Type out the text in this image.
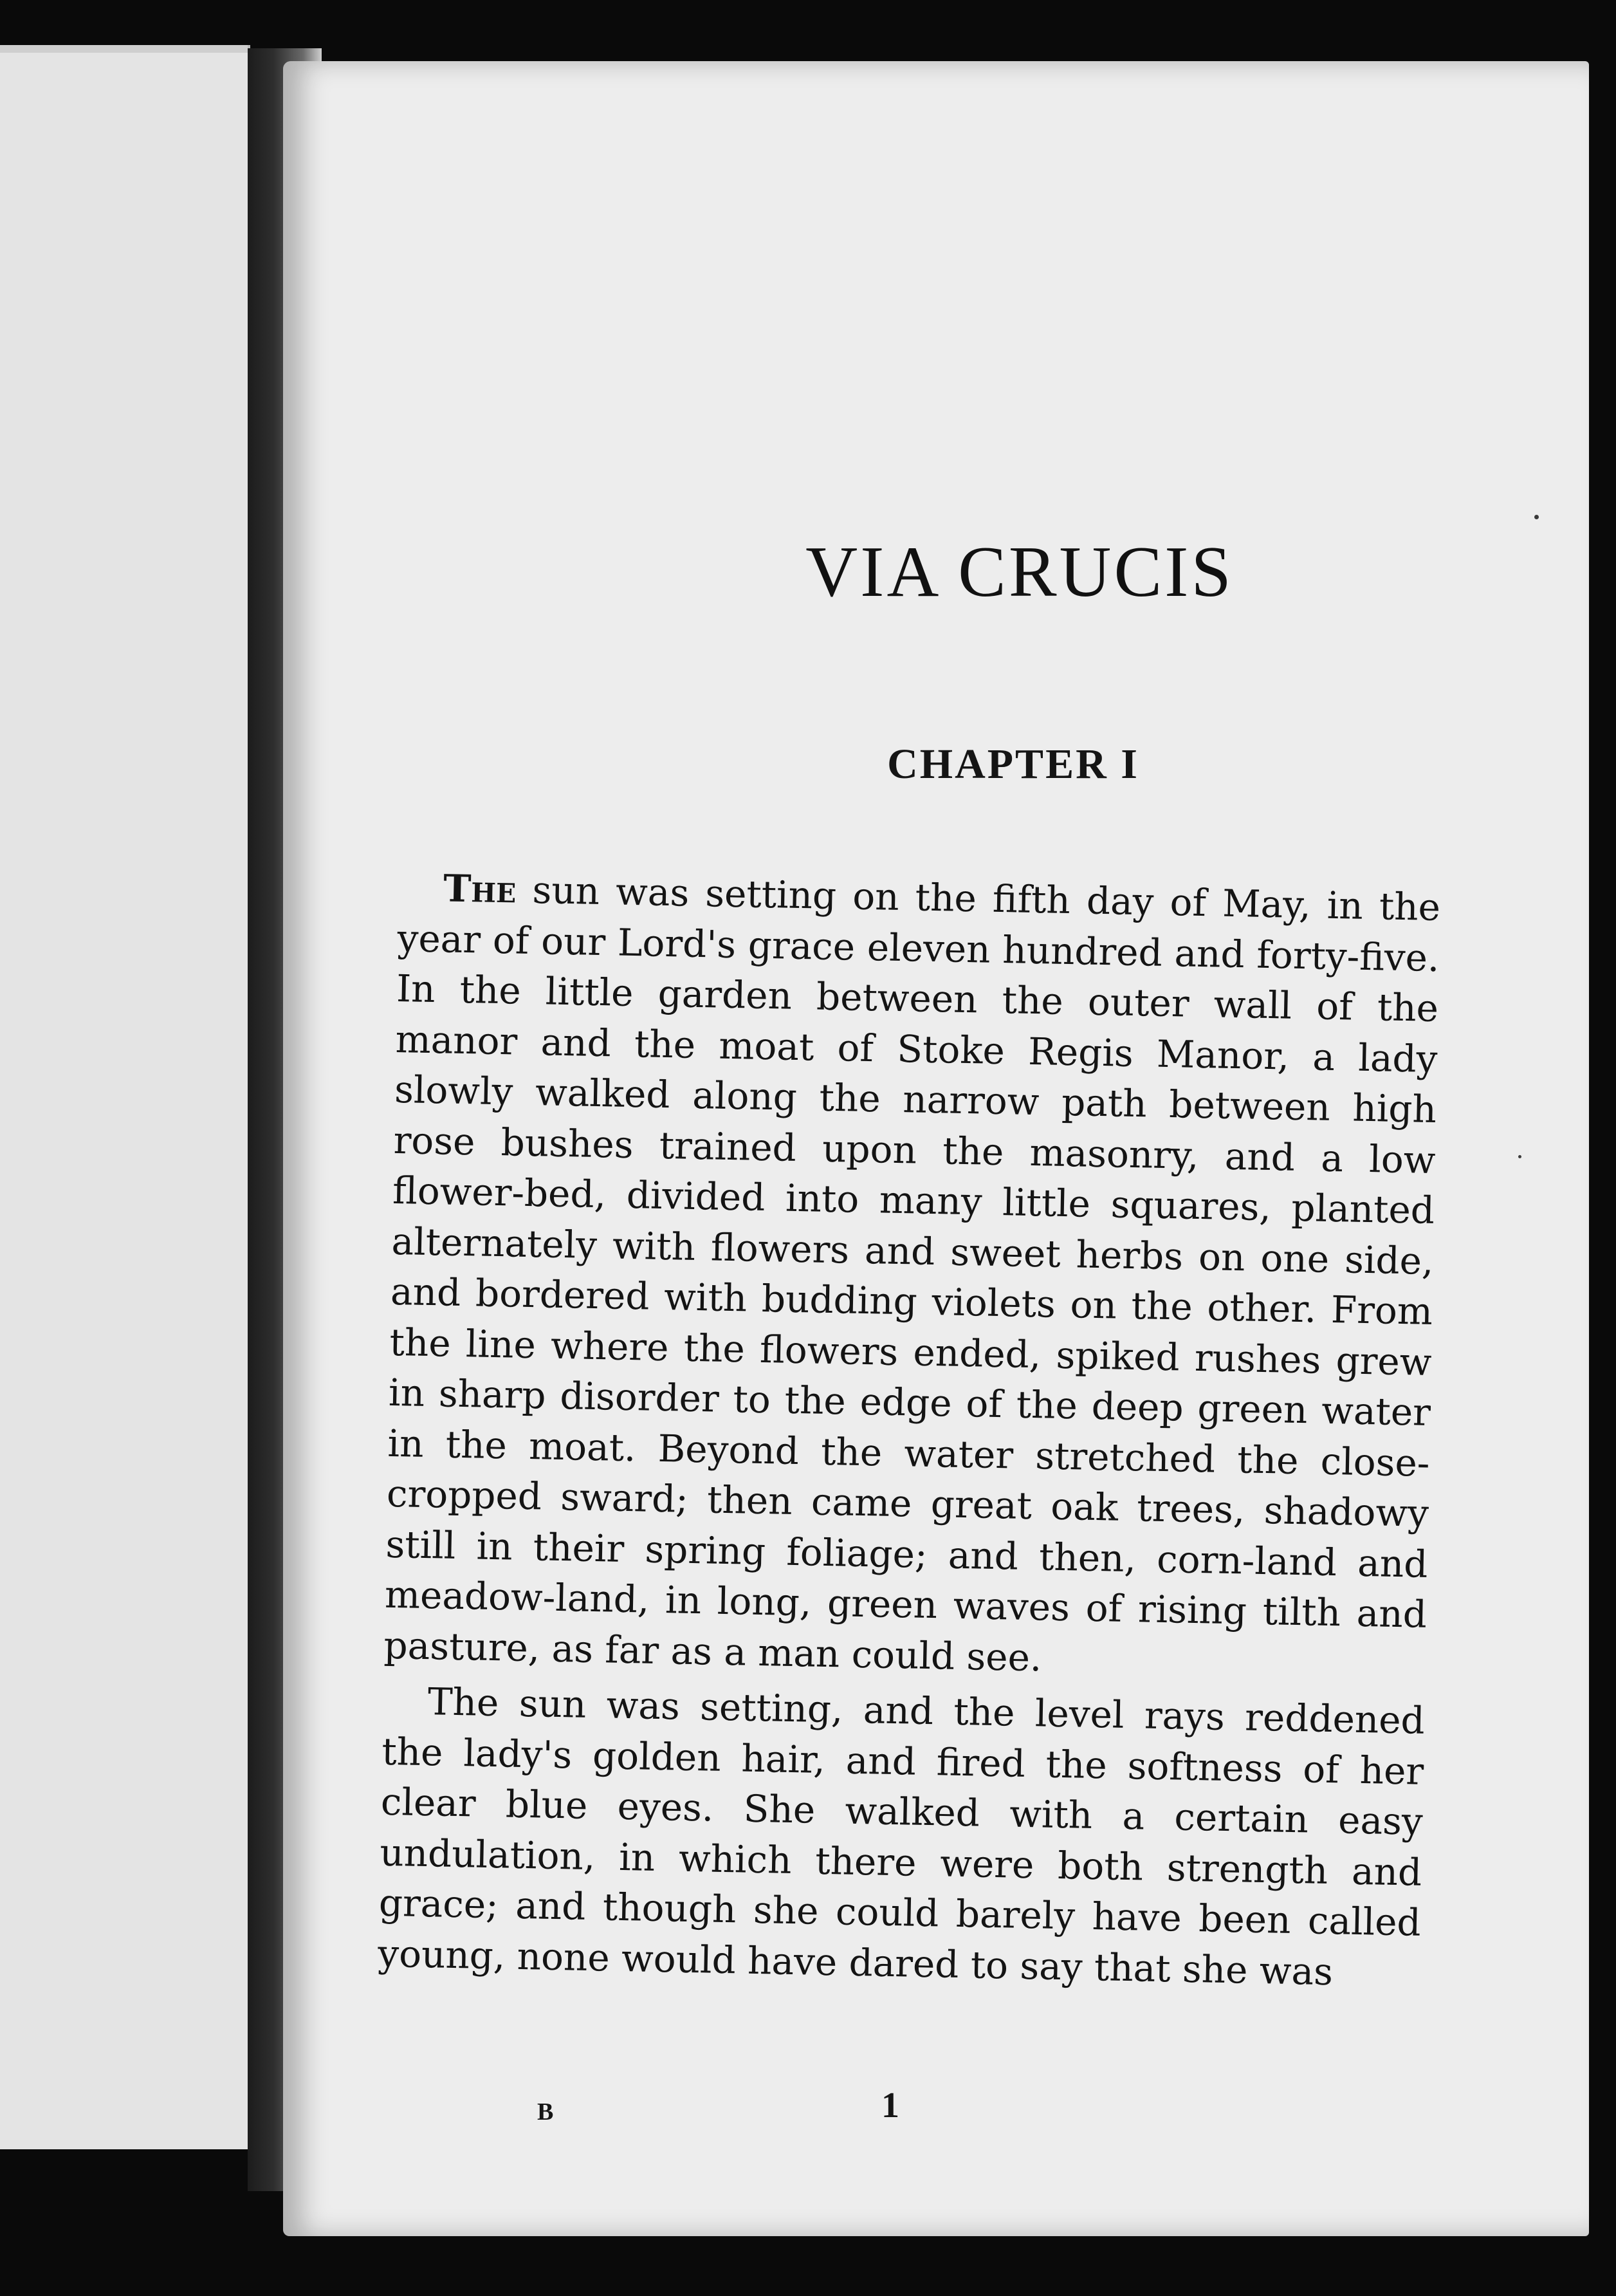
VIA CRUCIS
CHAPTER I

The sun was setting on the fifth day of May, in the year of our Lord's grace eleven hundred and forty-five. In the little garden between the outer wall of the manor and the moat of Stoke Regis Manor, a lady slowly walked along the narrow path between high rose bushes trained upon the masonry, and a low flower-bed, divided into many little squares, planted alternately with flowers and sweet herbs on one side, and bordered with budding violets on the other. From the line where the flowers ended, spiked rushes grew in sharp disorder to the edge of the deep green water in the moat. Beyond the water stretched the close-cropped sward; then came great oak trees, shadowy still in their spring foliage; and then, corn-land and meadow-land, in long, green waves of rising tilth and pasture, as far as a man could see.

The sun was setting, and the level rays reddened the lady's golden hair, and fired the softness of her clear blue eyes. She walked with a certain easy undulation, in which there were both strength and grace; and though she could barely have been called young, none would have dared to say that she was

B	1
